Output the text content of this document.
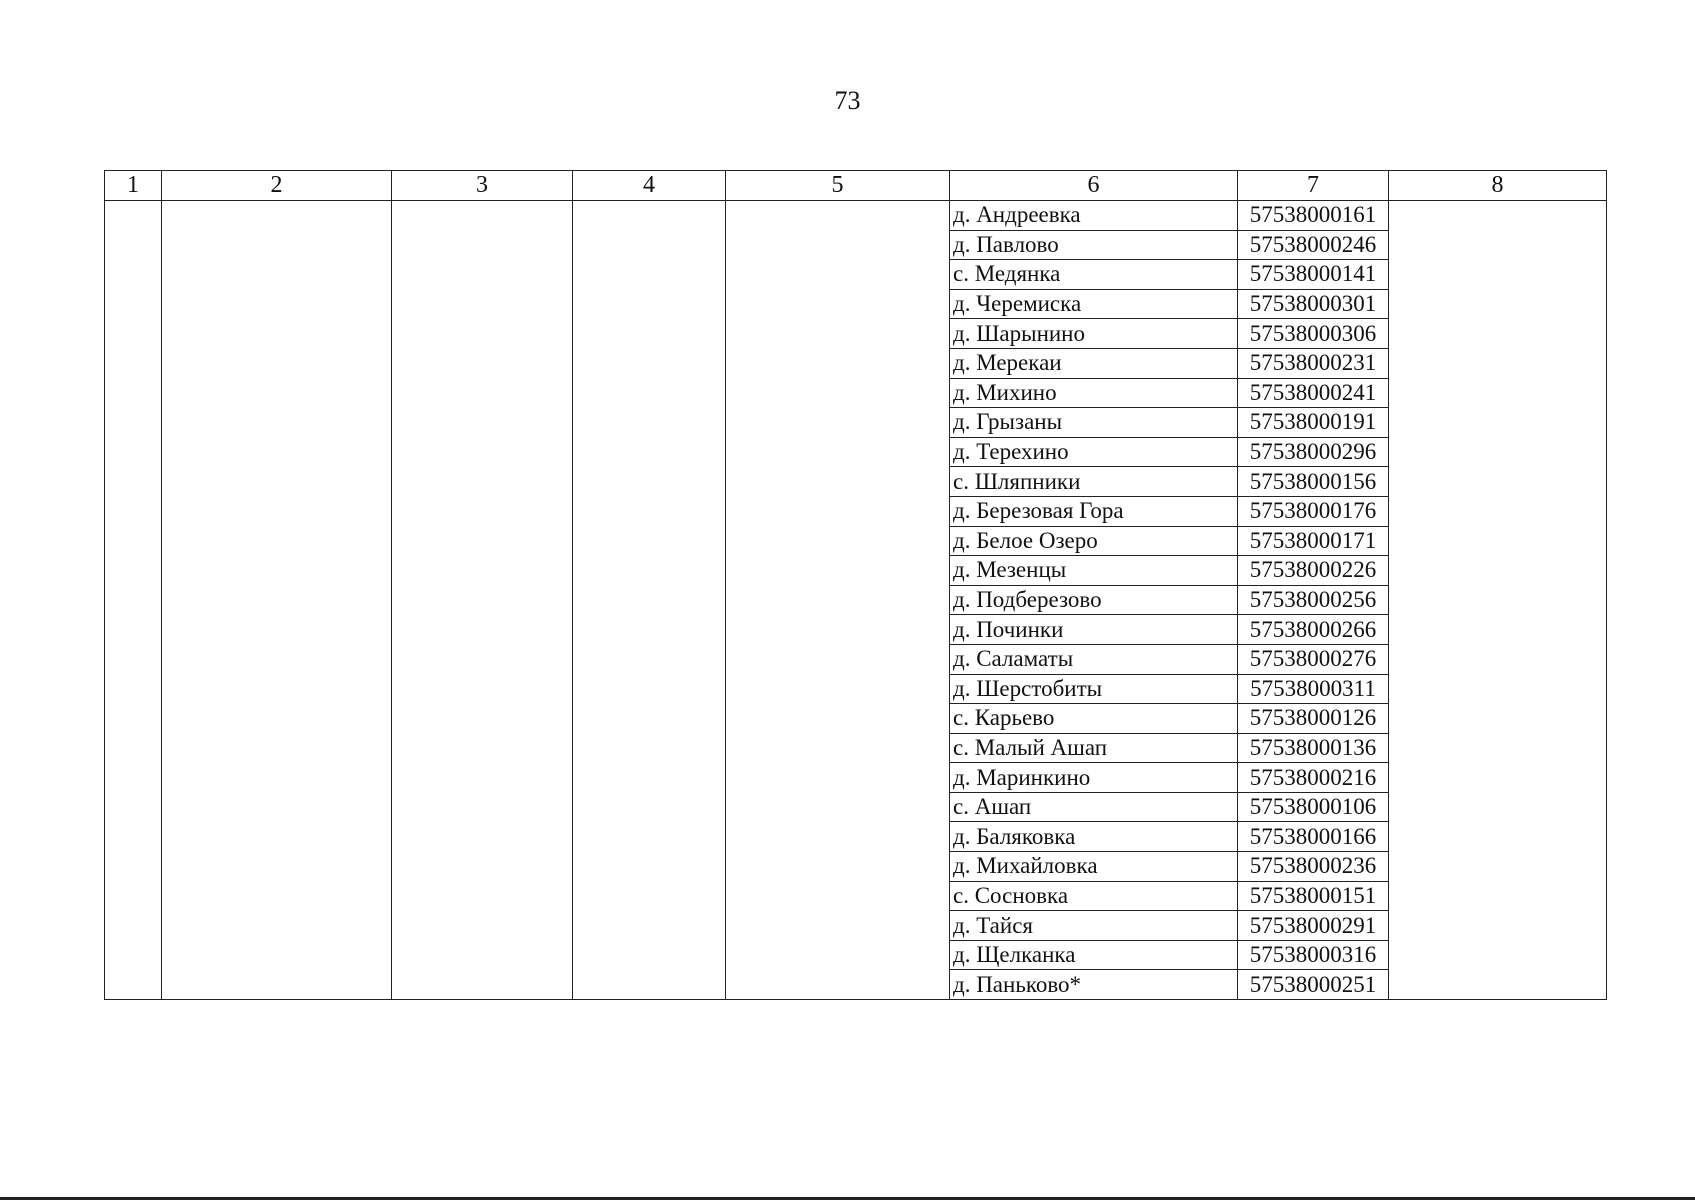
73
1	2	3	4	5	6	7	8
					д. Андреевка	57538000161	
					д. Павлово	57538000246	
					с. Медянка	57538000141	
					д. Черемиска	57538000301	
					д. Шарынино	57538000306	
					д. Мерекаи	57538000231	
					д. Михино	57538000241	
					д. Грызаны	57538000191	
					д. Терехино	57538000296	
					с. Шляпники	57538000156	
					д. Березовая Гора	57538000176	
					д. Белое Озеро	57538000171	
					д. Мезенцы	57538000226	
					д. Подберезово	57538000256	
					д. Починки	57538000266	
					д. Саламаты	57538000276	
					д. Шерстобиты	57538000311	
					с. Карьево	57538000126	
					с. Малый Ашап	57538000136	
					д. Маринкино	57538000216	
					с. Ашап	57538000106	
					д. Баляковка	57538000166	
					д. Михайловка	57538000236	
					с. Сосновка	57538000151	
					д. Тайся	57538000291	
					д. Щелканка	57538000316	
					д. Паньково*	57538000251	
